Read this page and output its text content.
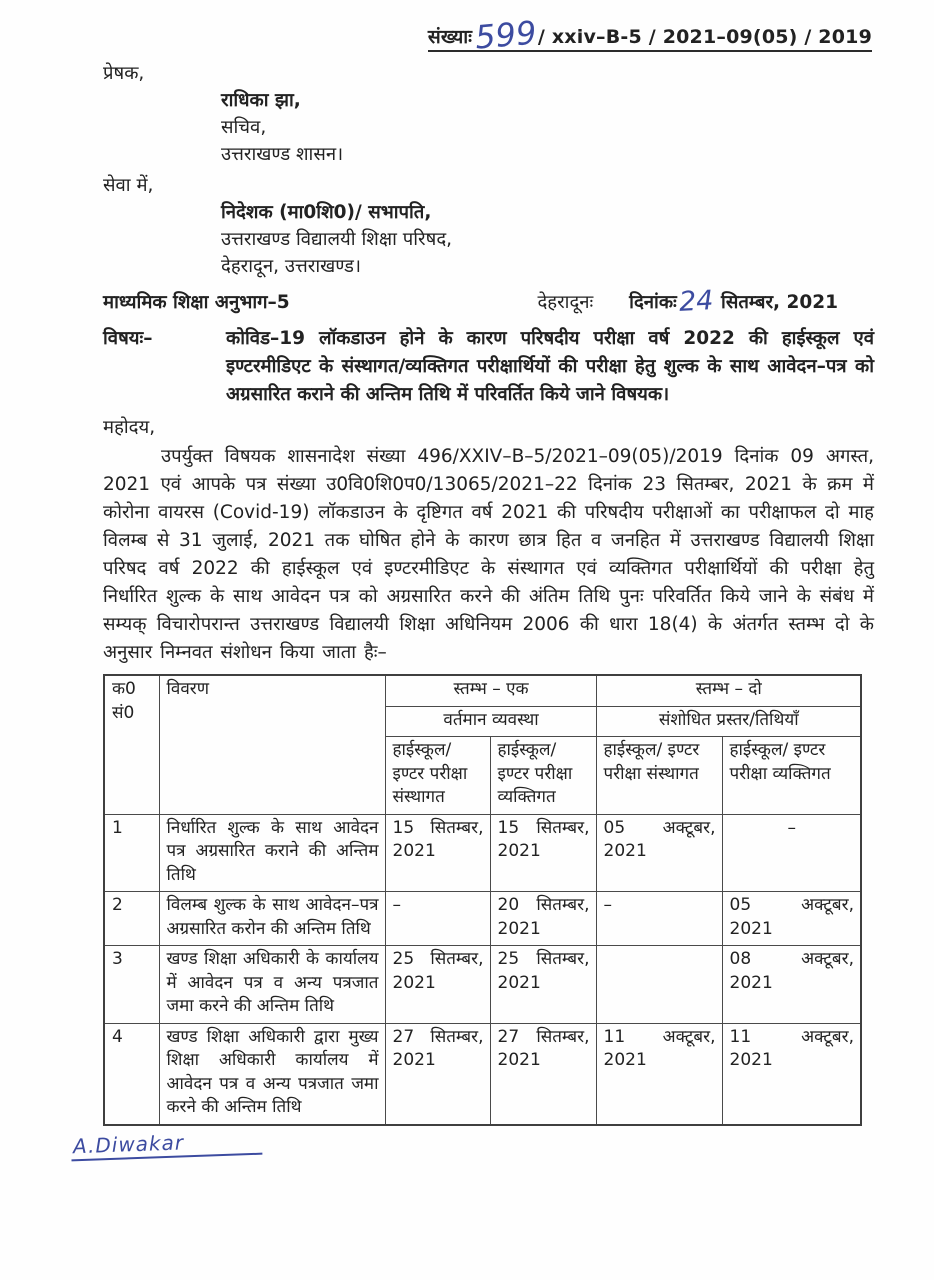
संख्याः599/ xxiv–B-5 / 2021–09(05) / 2019
प्रेषक,
राधिका झा,
सचिव,
उत्तराखण्ड शासन।
सेवा में,
निदेशक (मा0शि0)/ सभापति,
उत्तराखण्ड विद्यालयी शिक्षा परिषद,
देहरादून, उत्तराखण्ड।
माध्यमिक शिक्षा अनुभाग–5	देहरादूनः दिनांकः24 सितम्बर, 2021
विषयः–	कोविड–19 लॉकडाउन होने के कारण परिषदीय परीक्षा वर्ष 2022 की हाईस्कूल एवं इण्टरमीडिएट के संस्थागत/व्यक्तिगत परीक्षार्थियों की परीक्षा हेतु शुल्क के साथ आवेदन–पत्र को अग्रसारित कराने की अन्तिम तिथि में परिवर्तित किये जाने विषयक।
महोदय,

उपर्युक्त विषयक शासनादेश संख्या 496/XXIV–B–5/2021–09(05)/2019 दिनांक 09 अगस्त, 2021 एवं आपके पत्र संख्या उ0वि0शि0प0/13065/2021–22 दिनांक 23 सितम्बर, 2021 के क्रम में कोरोना वायरस (Covid-19) लॉकडाउन के दृष्टिगत वर्ष 2021 की परिषदीय परीक्षाओं का परीक्षाफल दो माह विलम्ब से 31 जुलाई, 2021 तक घोषित होने के कारण छात्र हित व जनहित में उत्तराखण्ड विद्यालयी शिक्षा परिषद वर्ष 2022 की हाईस्कूल एवं इण्टरमीडिएट के संस्थागत एवं व्यक्तिगत परीक्षार्थियों की परीक्षा हेतु निर्धारित शुल्क के साथ आवेदन पत्र को अग्रसारित करने की अंतिम तिथि पुनः परिवर्तित किये जाने के संबंध में सम्यक् विचारोपरान्त उत्तराखण्ड विद्यालयी शिक्षा अधिनियम 2006 की धारा 18(4) के अंतर्गत स्तम्भ दो के अनुसार निम्नवत संशोधन किया जाता हैः–

क0
सं0	विवरण	स्तम्भ – एक		स्तम्भ – दो	
		वर्तमान व्यवस्था		संशोधित प्रस्तर/तिथियाँ	
		हाईस्कूल/ इण्टर परीक्षा संस्थागत	हाईस्कूल/ इण्टर परीक्षा व्यक्तिगत	हाईस्कूल/ इण्टर परीक्षा संस्थागत	हाईस्कूल/ इण्टर परीक्षा व्यक्तिगत
1	निर्धारित शुल्क के साथ आवेदन पत्र अग्रसारित कराने की अन्तिम तिथि	15 सितम्बर, 2021	15 सितम्बर, 2021	05 अक्टूबर, 2021	–
2	विलम्ब शुल्क के साथ आवेदन–पत्र अग्रसारित करोन की अन्तिम तिथि	–	20 सितम्बर, 2021	–	05 अक्टूबर, 2021
3	खण्ड शिक्षा अधिकारी के कार्यालय में आवेदन पत्र व अन्य पत्रजात जमा करने की अन्तिम तिथि	25 सितम्बर, 2021	25 सितम्बर, 2021		08 अक्टूबर, 2021
4	खण्ड शिक्षा अधिकारी द्वारा मुख्य शिक्षा अधिकारी कार्यालय में आवेदन पत्र व अन्य पत्रजात जमा करने की अन्तिम तिथि	27 सितम्बर, 2021	27 सितम्बर, 2021	11 अक्टूबर, 2021	11 अक्टूबर, 2021
A.Diwakar
